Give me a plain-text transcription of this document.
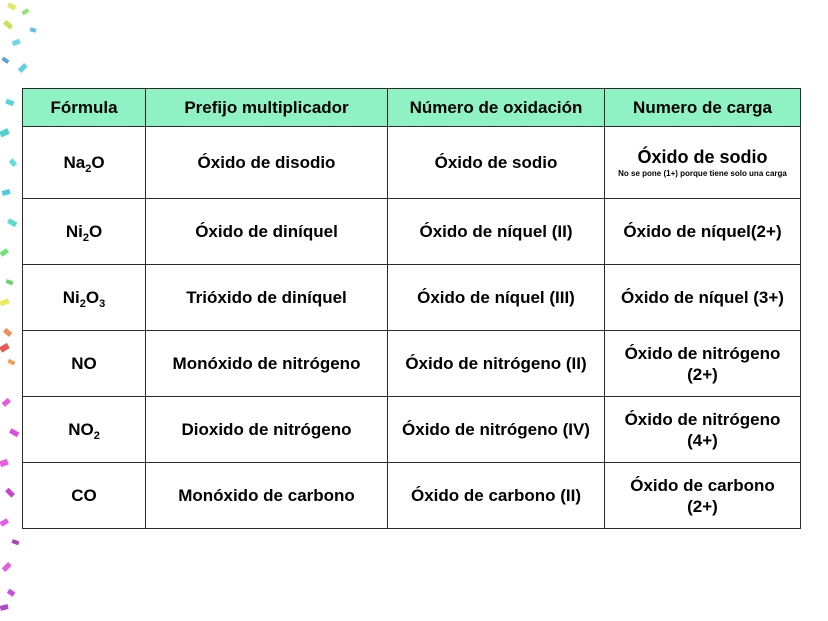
Fórmula	Prefijo multiplicador	Número de oxidación	Numero de carga
$Na_2O$	Óxido de disodio	Óxido de sodio	Óxido de sodio
No se pone (1+) porque tiene solo una carga

$Ni_2O$	Óxido de diníquel	Óxido de níquel (II)	Óxido de níquel(2+)
$Ni_2O_3$	Trióxido de diníquel	Óxido de níquel (III)	Óxido de níquel (3+)
NO	Monóxido de nitrógeno	Óxido de nitrógeno (II)	Óxido de nitrógeno
(2+)
$NO_2$	Dioxido de nitrógeno	Óxido de nitrógeno (IV)	Óxido de nitrógeno
(4+)
CO	Monóxido de carbono	Óxido de carbono (II)	Óxido de carbono
(2+)
